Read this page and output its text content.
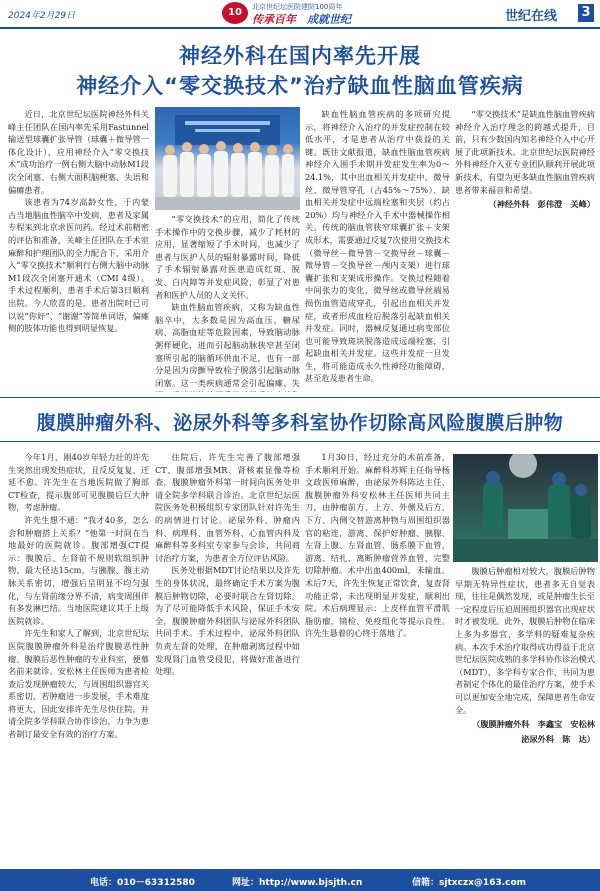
2024年2月29日	10	北京世纪坛医院建院100周年
传承百年　 成就世纪	世纪在线 3
神经外科在国内率先开展
神经介入“零交换技术”治疗缺血性脑血管疾病

近日，北京世纪坛医院神经外科关峰主任团队在国内率先采用Fastunnel输送型球囊扩张导管（球囊＋微导管一体化设计），应用神经介入“零交换技术”成功治疗一例右侧大脑中动脉M1段次全闭塞、右侧大面积脑梗塞、失语和偏瘫患者。

该患者为74岁高龄女性，于内蒙古当地脑血性脑卒中发病，患者及家属专程来到北京求医问药。经过术前精密的评估和准备，关峰主任团队在手术室麻醉和护理团队的全力配合下，采用介入“零交换技术”顺利行右侧大脑中动脉M1段次全闭塞开通术（CMI 4级）。手术过程顺利，患者手术后第3日顺利出院。今人欣喜的是，患者出院时已可以说“你好”、“谢谢”等简单词语，偏瘫侧的肢体功能也得到明显恢复。

“零交换技术”的应用，简化了传统手术操作中的交换步骤，减少了耗材的应用，显著缩短了手术时间，也减少了患者与医护人员的辐射暴露时间，降低了手术辐射暴露对医患造成红斑、脱发、白内障等并发症风险，彰显了对患者和医护人员的人文关怀。

缺血性脑血管疾病，又称为缺血性脑卒中，大多数是因为高血压、糖尿病、高脂血症等危险因素，导致脑动脉粥样硬化，进而引起脑动脉狭窄甚至闭塞所引起的脑循环供血不足，也有一部分是因为房颤导致栓子脱落引起脑动脉闭塞。这一类疾病通常会引起偏瘫、失

缺血性脑血管疾病的多项研究提示，将神经介入治疗的并发症控制在较低水平，才是患者从治疗中获益的关键。既往文献报道，缺血性脑血管疾病神经介入围手术期并发症发生率为0～24.1%，其中出血相关并发症中，微导丝、微导管穿孔（占45%～75%）、缺血相关并发症中远端栓塞和夹层（约占20%）均与神经介入手术中器械操作相关。传统的脑血管狭窄球囊扩张＋支架成形术，需要通过反复7次使用交换技术（微导丝－微导管－交换导丝－球囊－微导管－交换导丝－颅内支架）进行球囊扩张和支架成形操作。交换过程随着中间张力的变化，微导丝或微导丝端易损伤血管造成穿孔，引起出血相关并发症，或者形成血栓后脱落引起缺血相关并发症。同时，器械反复通过病变部位也可能导致斑块脱落造成远端栓塞，引起缺血相关并发症。这些并发症一旦发生，将可能造成永久性神经功能障碍，甚至危及患者生命。

“零交换技术”是缺血性脑血管疾病神经介入治疗理念的跨越式提升，目前，只有少数国内知名神经介入中心开展了此项新技术。北京世纪坛医院神经外科神经介入亚专业团队顺利开展此项新技术，有望为更多缺血性脑血管疾病患者带来福音和希望。

（神经外科　彭伟澄　关峰）
腹膜肿瘤外科、泌尿外科等多科室协作切除高风险腹膜后肿物

今年1月，刚40岁年轻力壮的许先生突然出现发热症状，且反反复复、迁延不愈。许先生在当地医院做了胸部CT检查，提示腹部可见腹膜后巨大肿物，考虑肿瘤。

许先生想不通：“我才40多，怎么会和肿瘤搭上关系？”他第一时间在当地最好的医院就诊。腹部增强CT提示：腹膜后、左肾前不规则软组织肿物，最大径达15cm，与胰腺、腹主动脉关系密切，增强后呈明显不均匀强化，与左肾前缘分界不清，病变周围伴有多发淋巴结。当地医院建议其于上级医院就诊。

许先生和家人了解到，北京世纪坛医院腹膜肿瘤外科是治疗腹膜恶性肿瘤、腹膜后恶性肿瘤的专业科室，便慕名前来就诊。安松林主任医师为患者检查后发现肿瘤较大，与周围组织器官关系密切，若肿瘤进一步发展，手术难度将更大，因此安排许先生尽快住院，并请全院多学科联合协作诊治，力争为患者制订最安全有效的治疗方案。

住院后，许先生完善了腹部增强CT、腹部增强MR、肾核素显像等检查，腹膜肿瘤外科第一时间向医务处申请全院多学科联合诊治。北京世纪坛医院医务处积极组织专家团队针对许先生的病情进行讨论。泌尿外科、肿瘤内科、病理科、血管外科、心血管内科及麻醉科等多科室专家参与会诊，共同商讨治疗方案，为患者全方位评估风险。

医务处根据MDT讨论结果以及许先生的身体状况，最终确定手术方案为腹膜后肿物切除，必要时联合左肾切除。为了尽可能降低手术风险，保证手术安全，腹膜肿瘤外科团队与泌尿外科团队共同手术。手术过程中，泌尿外科团队负责左肾的处理，在肿瘤剥离过程中如发现肾门血管受侵犯，将做好准备进行处理。

1月30日，经过充分的术前准备，手术顺利开始。麻醉科苏辉主任指导杨文政医师麻醉，由泌尿外科陈达主任、腹膜肿瘤外科安松林主任医师共同主刀，由肿瘤前方、上方、外侧及后方、下方、内侧交替游离肿物与周围组织器官的粘连，游离、保护好肿瘤、胰腺、左肾上腺、左肾血管、肠系膜下血管，游离、结扎、离断肿瘤营养血管，完整切除肿瘤。术中出血400ml，未输血。术后7天，许先生恢复正常饮食，复查肾功能正常，未出现明显并发症，顺利出院。术后病理显示：上皮样血管平滑肌脂肪瘤，镜检、免疫组化等提示良性。许先生悬着的心终于落地了。

腹膜后肿瘤相对较大，腹膜后肿物早期无特异性症状，患者多无自觉表现，往往是偶然发现，或是肿瘤生长至一定程度后压迫周围组织器官出现症状时才被发现。此外，腹膜后肿物在临床上多为多器官、多学科的疑难复杂疾病。本次手术治疗取得成功得益于北京世纪坛医院成熟的多学科协作诊治模式（MDT），多学科专家合作，共同为患者制定个体化的最佳治疗方案，使手术可以更加安全地完成，保障患者生命安全。

（腹膜肿瘤外科　李鑫宝　安松林
泌尿外科　陈　达）
电话：010－63312580	网址：http://www.bjsjth.cn	信箱：sjtxczx@163.com
